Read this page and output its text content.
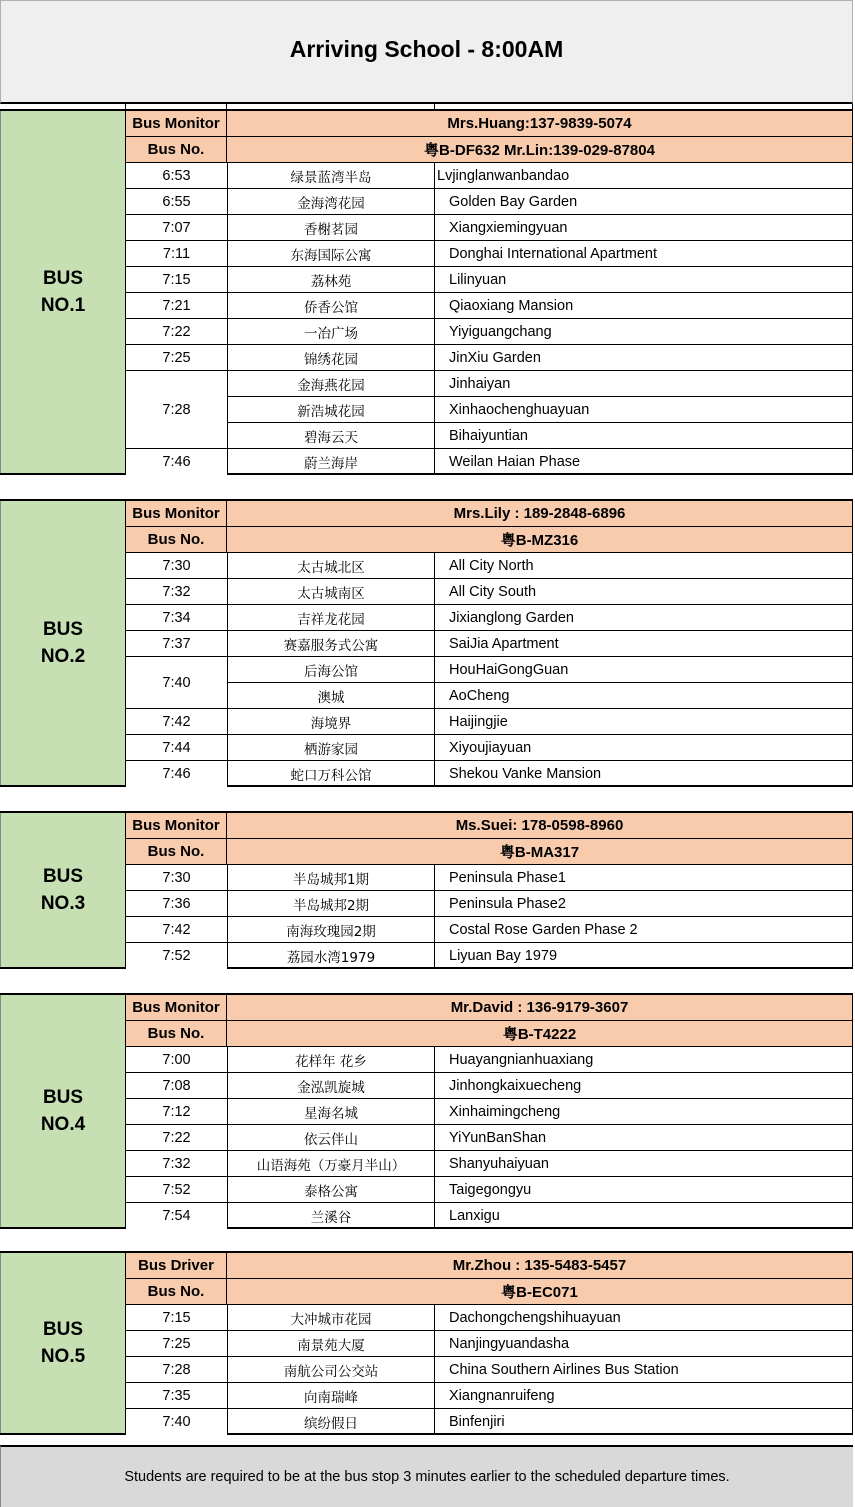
Arriving School - 8:00AM
BUS
NO.1
Bus Monitor	Mrs.Huang:137-9839-5074
Bus No.	粤B-DF632 Mr.Lin:139-029-87804
6:53	绿景蓝湾半岛	Lvjinglanwanbandao
6:55	金海湾花园	Golden Bay Garden
7:07	香榭茗园	Xiangxiemingyuan
7:11	东海国际公寓	Donghai International Apartment
7:15	荔林苑	Lilinyuan
7:21	侨香公馆	Qiaoxiang Mansion
7:22	一冶广场	Yiyiguangchang
7:25	锦绣花园	JinXiu Garden
7:28
金海燕花园	Jinhaiyan
新浩城花园	Xinhaochenghuayuan
碧海云天	Bihaiyuntian
7:46	蔚兰海岸	Weilan Haian Phase
BUS
NO.2
Bus Monitor	Mrs.Lily : 189-2848-6896
Bus No.	粤B-MZ316
7:30	太古城北区	All City North
7:32	太古城南区	All City South
7:34	吉祥龙花园	Jixianglong Garden
7:37	赛嘉服务式公寓	SaiJia Apartment
7:40
后海公馆	HouHaiGongGuan
澳城	AoCheng
7:42	海境界	Haijingjie
7:44	栖游家园	Xiyoujiayuan
7:46	蛇口万科公馆	Shekou Vanke Mansion
BUS
NO.3
Bus Monitor	Ms.Suei: 178-0598-8960
Bus No.	粤B-MA317
7:30	半岛城邦1期	Peninsula Phase1
7:36	半岛城邦2期	Peninsula Phase2
7:42	南海玫瑰园2期	Costal Rose Garden Phase 2
7:52	荔园水湾1979	Liyuan Bay 1979
BUS
NO.4
Bus Monitor	Mr.David : 136-9179-3607
Bus No.	粤B-T4222
7:00	花样年 花乡	Huayangnianhuaxiang
7:08	金泓凯旋城	Jinhongkaixuecheng
7:12	星海名城	Xinhaimingcheng
7:22	依云伴山	YiYunBanShan
7:32	山语海苑（万豪月半山）	Shanyuhaiyuan
7:52	泰格公寓	Taigegongyu
7:54	兰溪谷	Lanxigu
BUS
NO.5
Bus Driver	Mr.Zhou : 135-5483-5457
Bus No.	粤B-EC071
7:15	大冲城市花园	Dachongchengshihuayuan
7:25	南景苑大厦	Nanjingyuandasha
7:28	南航公司公交站	China Southern Airlines Bus Station
7:35	向南瑞峰	Xiangnanruifeng
7:40	缤纷假日	Binfenjiri
Students are required to be at the bus stop 3 minutes earlier to the scheduled departure times.
